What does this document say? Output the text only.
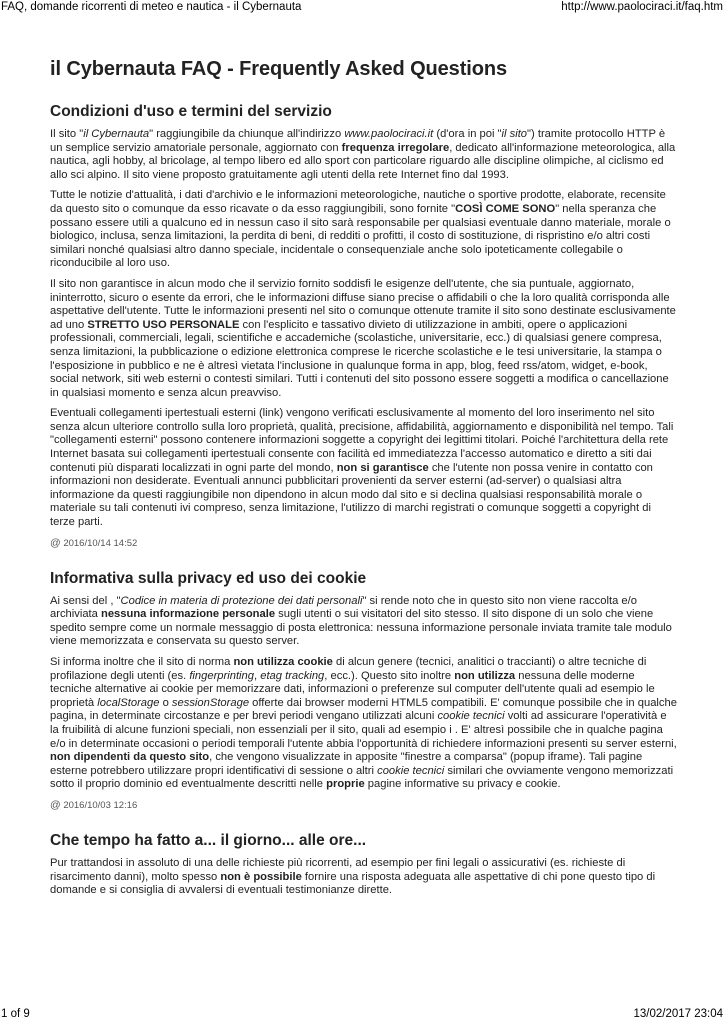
FAQ, domande ricorrenti di meteo e nautica - il Cybernauta	http://www.paolociraci.it/faq.htm
il Cybernauta FAQ - Frequently Asked Questions
Condizioni d'uso e termini del servizio

Il sito "il Cybernauta" raggiungibile da chiunque all'indirizzo www.paolociraci.it (d'ora in poi "il sito") tramite protocollo HTTP è un semplice servizio amatoriale personale, aggiornato con frequenza irregolare, dedicato all'informazione meteorologica, alla nautica, agli hobby, al bricolage, al tempo libero ed allo sport con particolare riguardo alle discipline olimpiche, al ciclismo ed allo sci alpino. Il sito viene proposto gratuitamente agli utenti della rete Internet fino dal 1993.

Tutte le notizie d'attualità, i dati d'archivio e le informazioni meteorologiche, nautiche o sportive prodotte, elaborate, recensite da questo sito o comunque da esso ricavate o da esso raggiungibili, sono fornite "COSÌ COME SONO" nella speranza che possano essere utili a qualcuno ed in nessun caso il sito sarà responsabile per qualsiasi eventuale danno materiale, morale o biologico, inclusa, senza limitazioni, la perdita di beni, di redditi o profitti, il costo di sostituzione, di rispristino e/o altri costi similari nonché qualsiasi altro danno speciale, incidentale o consequenziale anche solo ipoteticamente collegabile o riconducibile al loro uso.

Il sito non garantisce in alcun modo che il servizio fornito soddisfi le esigenze dell'utente, che sia puntuale, aggiornato, ininterrotto, sicuro o esente da errori, che le informazioni diffuse siano precise o affidabili o che la loro qualità corrisponda alle aspettative dell'utente. Tutte le informazioni presenti nel sito o comunque ottenute tramite il sito sono destinate esclusivamente ad uno STRETTO USO PERSONALE con l'esplicito e tassativo divieto di utilizzazione in ambiti, opere o applicazioni professionali, commerciali, legali, scientifiche e accademiche (scolastiche, universitarie, ecc.) di qualsiasi genere compresa, senza limitazioni, la pubblicazione o edizione elettronica comprese le ricerche scolastiche e le tesi universitarie, la stampa o l'esposizione in pubblico e ne è altresì vietata l'inclusione in qualunque forma in app, blog, feed rss/atom, widget, e-book, social network, siti web esterni o contesti similari. Tutti i contenuti del sito possono essere soggetti a modifica o cancellazione in qualsiasi momento e senza alcun preavviso.

Eventuali collegamenti ipertestuali esterni (link) vengono verificati esclusivamente al momento del loro inserimento nel sito senza alcun ulteriore controllo sulla loro proprietà, qualità, precisione, affidabilità, aggiornamento e disponibilità nel tempo. Tali "collegamenti esterni" possono contenere informazioni soggette a copyright dei legittimi titolari. Poiché l'architettura della rete Internet basata sui collegamenti ipertestuali consente con facilità ed immediatezza l'accesso automatico e diretto a siti dai contenuti più disparati localizzati in ogni parte del mondo, non si garantisce che l'utente non possa venire in contatto con informazioni non desiderate. Eventuali annunci pubblicitari provenienti da server esterni (ad-server) o qualsiasi altra informazione da questi raggiungibile non dipendono in alcun modo dal sito e si declina qualsiasi responsabilità morale o materiale su tali contenuti ivi compreso, senza limitazione, l'utilizzo di marchi registrati o comunque soggetti a copyright di terze parti.

@ 2016/10/14 14:52
Informativa sulla privacy ed uso dei cookie

Ai sensi del , "Codice in materia di protezione dei dati personali" si rende noto che in questo sito non viene raccolta e/o archiviata nessuna informazione personale sugli utenti o sui visitatori del sito stesso. Il sito dispone di un solo che viene spedito sempre come un normale messaggio di posta elettronica: nessuna informazione personale inviata tramite tale modulo viene memorizzata e conservata su questo server.

Si informa inoltre che il sito di norma non utilizza cookie di alcun genere (tecnici, analitici o traccianti) o altre tecniche di profilazione degli utenti (es. fingerprinting, etag tracking, ecc.). Questo sito inoltre non utilizza nessuna delle moderne tecniche alternative ai cookie per memorizzare dati, informazioni o preferenze sul computer dell'utente quali ad esempio le proprietà localStorage o sessionStorage offerte dai browser moderni HTML5 compatibili. E' comunque possibile che in qualche pagina, in determinate circostanze e per brevi periodi vengano utilizzati alcuni cookie tecnici volti ad assicurare l'operatività e la fruibilità di alcune funzioni speciali, non essenziali per il sito, quali ad esempio i . E' altresì possibile che in qualche pagina e/o in determinate occasioni o periodi temporali l'utente abbia l'opportunità di richiedere informazioni presenti su server esterni, non dipendenti da questo sito, che vengono visualizzate in apposite "finestre a comparsa" (popup iframe). Tali pagine esterne potrebbero utilizzare propri identificativi di sessione o altri cookie tecnici similari che ovviamente vengono memorizzati sotto il proprio dominio ed eventualmente descritti nelle proprie pagine informative su privacy e cookie.

@ 2016/10/03 12:16
Che tempo ha fatto a... il giorno... alle ore...

Pur trattandosi in assoluto di una delle richieste più ricorrenti, ad esempio per fini legali o assicurativi (es. richieste di risarcimento danni), molto spesso non è possibile fornire una risposta adeguata alle aspettative di chi pone questo tipo di domande e si consiglia di avvalersi di eventuali testimonianze dirette.

1 of 9	13/02/2017 23:04
